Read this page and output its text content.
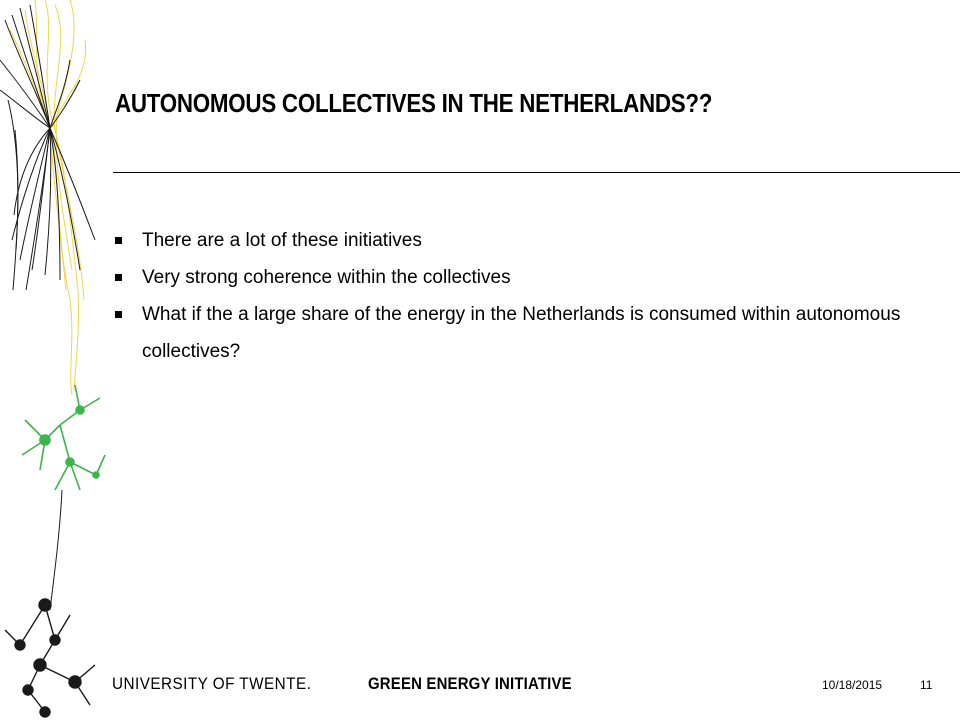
AUTONOMOUS COLLECTIVES IN THE NETHERLANDS??
There are a lot of these initiatives
Very strong coherence within the collectives
What if the a large share of the energy in the Netherlands is consumed within autonomous collectives?
UNIVERSITY OF TWENTE.	GREEN ENERGY INITIATIVE	10/18/2015	11
